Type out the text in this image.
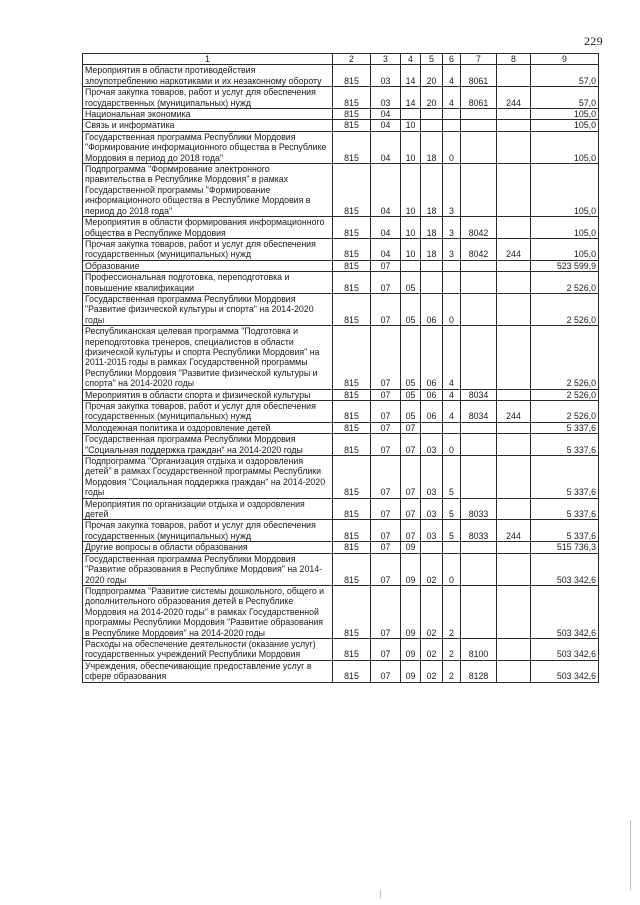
229
1	2	3	4	5	6	7	8	9
Мероприятия в области противодействия злоупотреблению наркотиками и их незаконному обороту	815	03	14	20	4	8061		57,0
Прочая закупка товаров, работ и услуг для обеспечения государственных (муниципальных) нужд	815	03	14	20	4	8061	244	57,0
Национальная экономика	815	04						105,0
Связь и информатика	815	04	10					105,0
Государственная программа Республики Мордовия "Формирование информационного общества в Республике Мордовия в период до 2018 года"	815	04	10	18	0			105,0
Подпрограмма "Формирование электронного правительства в Республике Мордовия" в рамках Государственной программы "Формирование информационного общества в Республике Мордовия в период до 2018 года"	815	04	10	18	3			105,0
Мероприятия в области формирования информационного общества в Республике Мордовия	815	04	10	18	3	8042		105,0
Прочая закупка товаров, работ и услуг для обеспечения государственных (муниципальных) нужд	815	04	10	18	3	8042	244	105,0
Образование	815	07						523 599,9
Профессиональная подготовка, переподготовка и повышение квалификации	815	07	05					2 526,0
Государственная программа Республики Мордовия "Развитие физической культуры и спорта" на 2014-2020 годы	815	07	05	06	0			2 526,0
Республиканская целевая программа "Подготовка и переподготовка тренеров, специалистов в области физической культуры и спорта Республики Мордовия" на 2011-2015 годы в рамках Государственной программы Республики Мордовия "Развитие физической культуры и спорта" на 2014-2020 годы	815	07	05	06	4			2 526,0
Мероприятия в области спорта и физической культуры	815	07	05	06	4	8034		2 526,0
Прочая закупка товаров, работ и услуг для обеспечения государственных (муниципальных) нужд	815	07	05	06	4	8034	244	2 526,0
Молодежная политика и оздоровление детей	815	07	07					5 337,6
Государственная программа Республики Мордовия "Социальная поддержка граждан" на 2014-2020 годы	815	07	07	03	0			5 337,6
Подпрограмма "Организация отдыха и оздоровления детей" в рамках Государственной программы Республики Мордовия "Социальная поддержка граждан" на 2014-2020 годы	815	07	07	03	5			5 337,6
Мероприятия по организации отдыха и оздоровления детей	815	07	07	03	5	8033		5 337,6
Прочая закупка товаров, работ и услуг для обеспечения государственных (муниципальных) нужд	815	07	07	03	5	8033	244	5 337,6
Другие вопросы в области образования	815	07	09					515 736,3
Государственная программа Республики Мордовия "Развитие образования в Республике Мордовия" на 2014-2020 годы	815	07	09	02	0			503 342,6
Подпрограмма "Развитие системы дошкольного, общего и дополнительного образования детей в Республике Мордовия на 2014-2020 годы" в рамках Государственной программы Республики Мордовия "Развитие образования в Республике Мордовия" на 2014-2020 годы	815	07	09	02	2			503 342,6
Расходы на обеспечение деятельности (оказание услуг) государственных учреждений Республики Мордовия	815	07	09	02	2	8100		503 342,6
Учреждения, обеспечивающие предоставление услуг в сфере образования	815	07	09	02	2	8128		503 342,6
